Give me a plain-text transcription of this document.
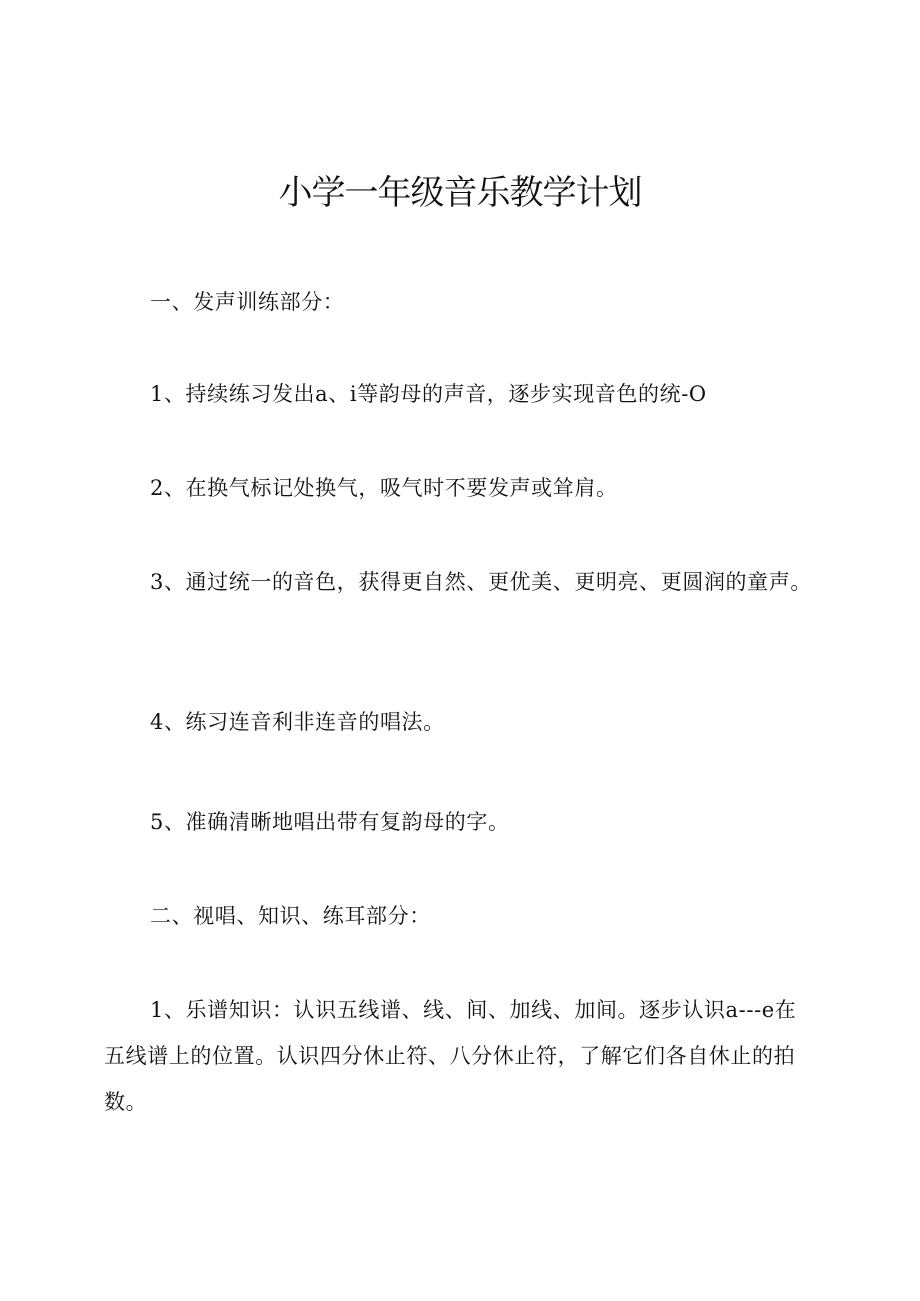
小学一年级音乐教学计划

一、发声训练部分：

1、持续练习发出a、i等韵母的声音，逐步实现音色的统-O

2、在换气标记处换气，吸气时不要发声或耸肩。

3、通过统一的音色，获得更自然、更优美、更明亮、更圆润的童声。

4、练习连音利非连音的唱法。

5、准确清晰地唱出带有复韵母的字。

二、视唱、知识、练耳部分：

1、乐谱知识：认识五线谱、线、间、加线、加间。逐步认识a---e在五线谱上的位置。认识四分休止符、八分休止符，了解它们各自休止的拍数。
